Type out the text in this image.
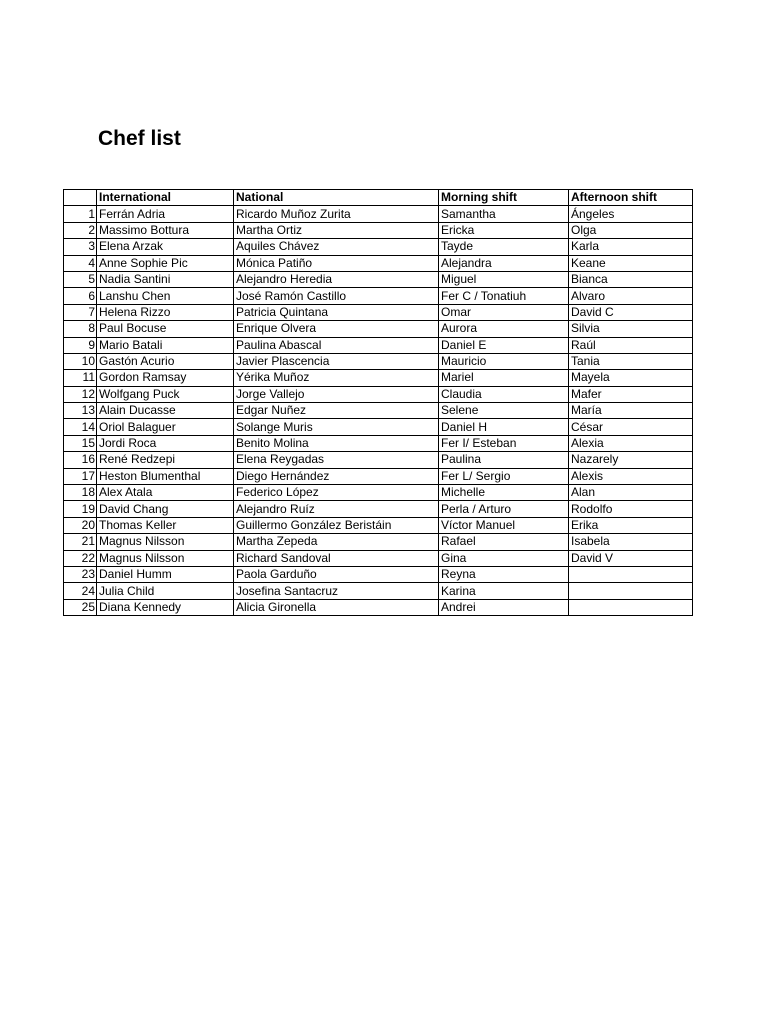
Chef list
	International	National	Morning shift	Afternoon shift
1	Ferrán Adria	Ricardo Muñoz Zurita	Samantha	Ángeles
2	Massimo Bottura	Martha Ortiz	Ericka	Olga
3	Elena Arzak	Aquiles Chávez	Tayde	Karla
4	Anne Sophie Pic	Mónica Patiño	Alejandra	Keane
5	Nadia Santini	Alejandro Heredia	Miguel	Bianca
6	Lanshu Chen	José Ramón Castillo	Fer C / Tonatiuh	Alvaro
7	Helena Rizzo	Patricia Quintana	Omar	David C
8	Paul Bocuse	Enrique Olvera	Aurora	Silvia
9	Mario Batali	Paulina Abascal	Daniel E	Raúl
10	Gastón Acurio	Javier Plascencia	Mauricio	Tania
11	Gordon Ramsay	Yérika Muñoz	Mariel	Mayela
12	Wolfgang Puck	Jorge Vallejo	Claudia	Mafer
13	Alain Ducasse	Edgar Nuñez	Selene	María
14	Oriol Balaguer	Solange Muris	Daniel H	César
15	Jordi Roca	Benito Molina	Fer I/ Esteban	Alexia
16	René Redzepi	Elena Reygadas	Paulina	Nazarely
17	Heston Blumenthal	Diego Hernández	Fer L/ Sergio	Alexis
18	Alex Atala	Federico López	Michelle	Alan
19	David Chang	Alejandro Ruíz	Perla / Arturo	Rodolfo
20	Thomas Keller	Guillermo González Beristáin	Víctor Manuel	Erika
21	Magnus Nilsson	Martha Zepeda	Rafael	Isabela
22	Magnus Nilsson	Richard Sandoval	Gina	David V
23	Daniel Humm	Paola Garduño	Reyna	
24	Julia Child	Josefina Santacruz	Karina	
25	Diana Kennedy	Alicia Gironella	Andrei	
